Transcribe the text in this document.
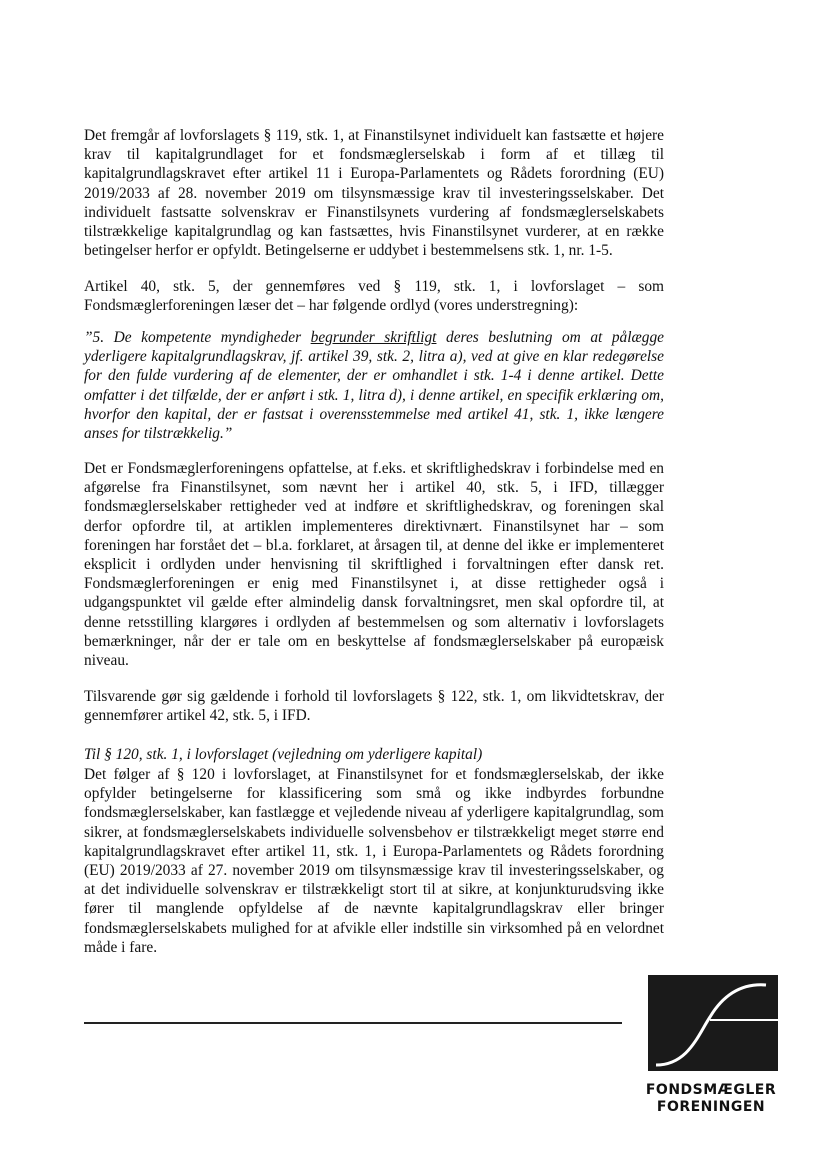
Det fremgår af lovforslagets § 119, stk. 1, at Finanstilsynet individuelt kan fastsætte et højere krav til kapitalgrundlaget for et fondsmæglerselskab i form af et tillæg til kapitalgrundlagskravet efter artikel 11 i Europa-Parlamentets og Rådets forordning (EU) 2019/2033 af 28. november 2019 om tilsynsmæssige krav til investeringsselskaber. Det individuelt fastsatte solvenskrav er Finanstilsynets vurdering af fondsmæglerselskabets tilstrækkelige kapitalgrundlag og kan fastsættes, hvis Finanstilsynet vurderer, at en række betingelser herfor er opfyldt. Betingelserne er uddybet i bestemmelsens stk. 1, nr. 1-5.

Artikel 40, stk. 5, der gennemføres ved § 119, stk. 1, i lovforslaget – som Fondsmæglerforeningen læser det – har følgende ordlyd (vores understregning):

”5. De kompetente myndigheder begrunder skriftligt deres beslutning om at pålægge yderligere kapitalgrundlagskrav, jf. artikel 39, stk. 2, litra a), ved at give en klar redegørelse for den fulde vurdering af de elementer, der er omhandlet i stk. 1-4 i denne artikel. Dette omfatter i det tilfælde, der er anført i stk. 1, litra d), i denne artikel, en specifik erklæring om, hvorfor den kapital, der er fastsat i overensstemmelse med artikel 41, stk. 1, ikke længere anses for tilstrækkelig.”

Det er Fondsmæglerforeningens opfattelse, at f.eks. et skriftlighedskrav i forbindelse med en afgørelse fra Finanstilsynet, som nævnt her i artikel 40, stk. 5, i IFD, tillægger fondsmæglerselskaber rettigheder ved at indføre et skriftlighedskrav, og foreningen skal derfor opfordre til, at artiklen implementeres direktivnært. Finanstilsynet har – som foreningen har forstået det – bl.a. forklaret, at årsagen til, at denne del ikke er implementeret eksplicit i ordlyden under henvisning til skriftlighed i forvaltningen efter dansk ret. Fondsmæglerforeningen er enig med Finanstilsynet i, at disse rettigheder også i udgangspunktet vil gælde efter almindelig dansk forvaltningsret, men skal opfordre til, at denne retsstilling klargøres i ordlyden af bestemmelsen og som alternativ i lovforslagets bemærkninger, når der er tale om en beskyttelse af fondsmæglerselskaber på europæisk niveau.

Tilsvarende gør sig gældende i forhold til lovforslagets § 122, stk. 1, om likvidtetskrav, der gennemfører artikel 42, stk. 5, i IFD.

Til § 120, stk. 1, i lovforslaget (vejledning om yderligere kapital)

Det følger af § 120 i lovforslaget, at Finanstilsynet for et fondsmæglerselskab, der ikke opfylder betingelserne for klassificering som små og ikke indbyrdes forbundne fondsmæglerselskaber, kan fastlægge et vejledende niveau af yderligere kapitalgrundlag, som sikrer, at fondsmæglerselskabets individuelle solvensbehov er tilstrækkeligt meget større end kapitalgrundlagskravet efter artikel 11, stk. 1, i Europa-Parlamentets og Rådets forordning (EU) 2019/2033 af 27. november 2019 om tilsynsmæssige krav til investeringsselskaber, og at det individuelle solvenskrav er tilstrækkeligt stort til at sikre, at konjunkturudsving ikke fører til manglende opfyldelse af de nævnte kapitalgrundlagskrav eller bringer fondsmæglerselskabets mulighed for at afvikle eller indstille sin virksomhed på en velordnet måde i fare.

FONDSMÆGLER
FORENINGEN
